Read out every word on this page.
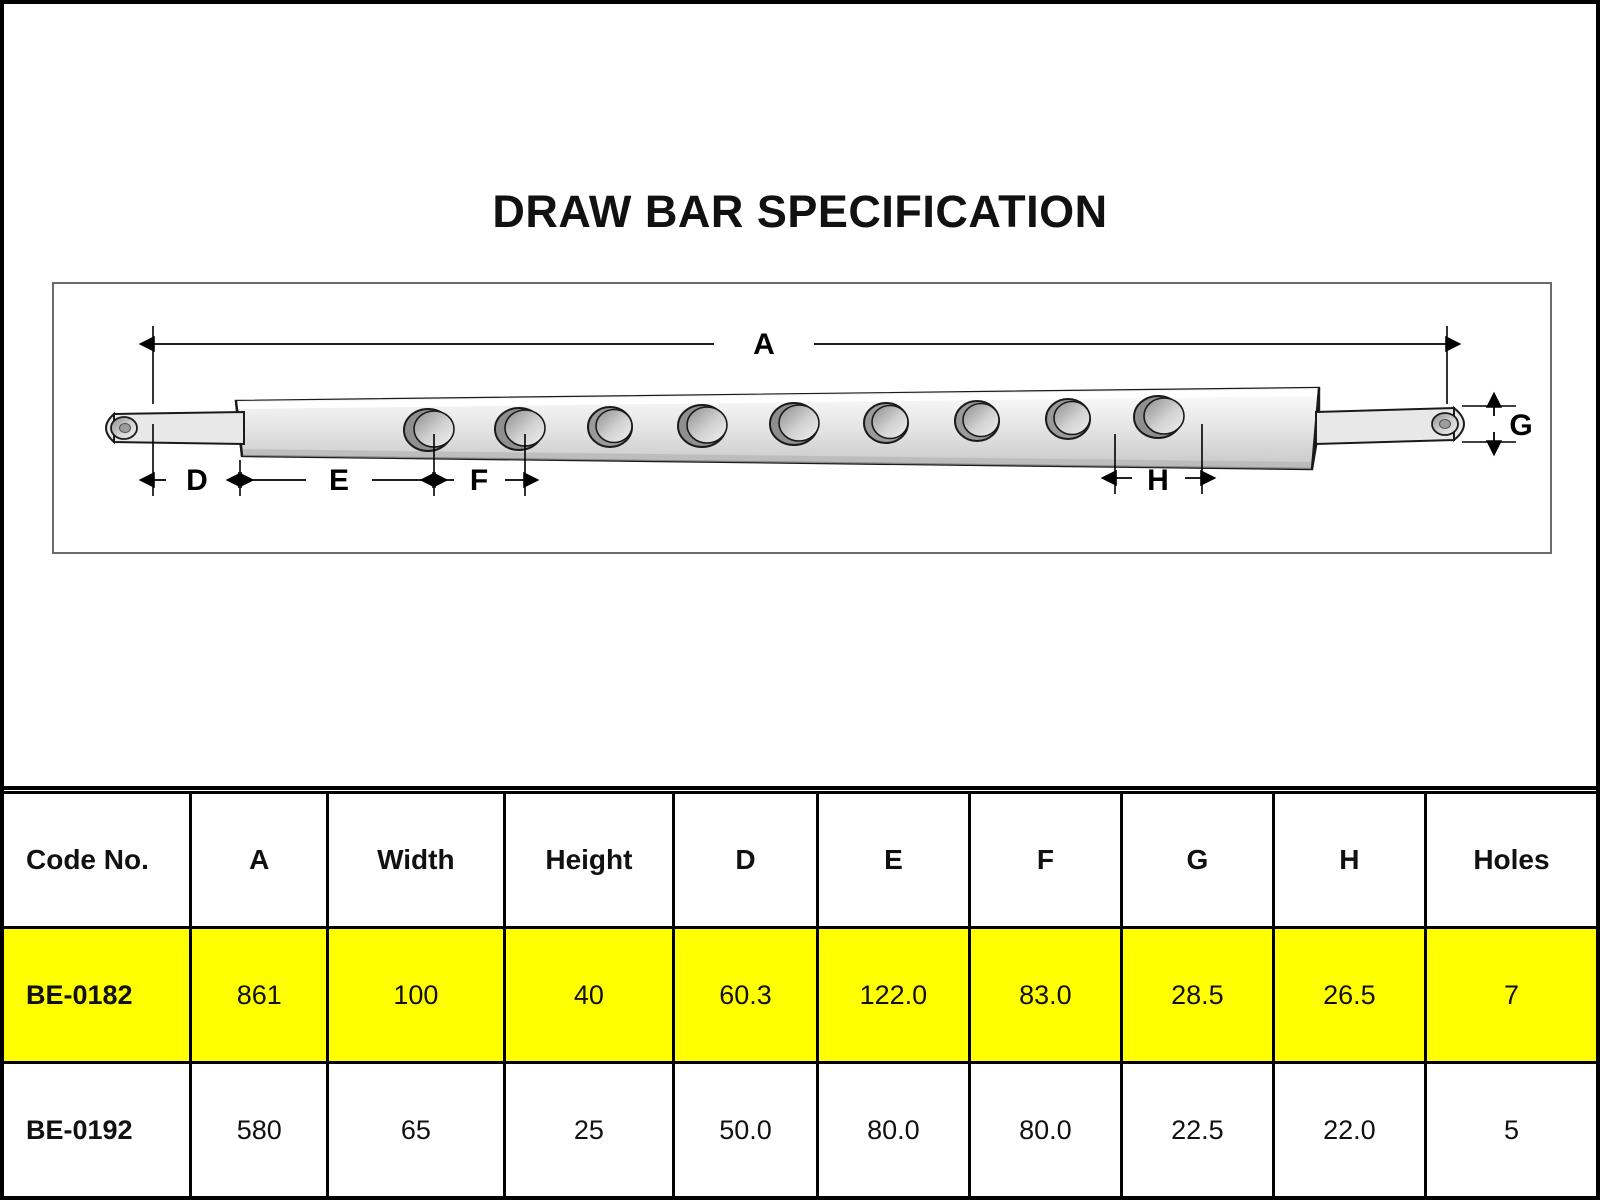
DRAW BAR SPECIFICATION
A
G
D	E	F	H
Code No.	A	Width	Height	D	E	F	G	H	Holes
BE-0182	861	100	40	60.3	122.0	83.0	28.5	26.5	7
BE-0192	580	65	25	50.0	80.0	80.0	22.5	22.0	5
